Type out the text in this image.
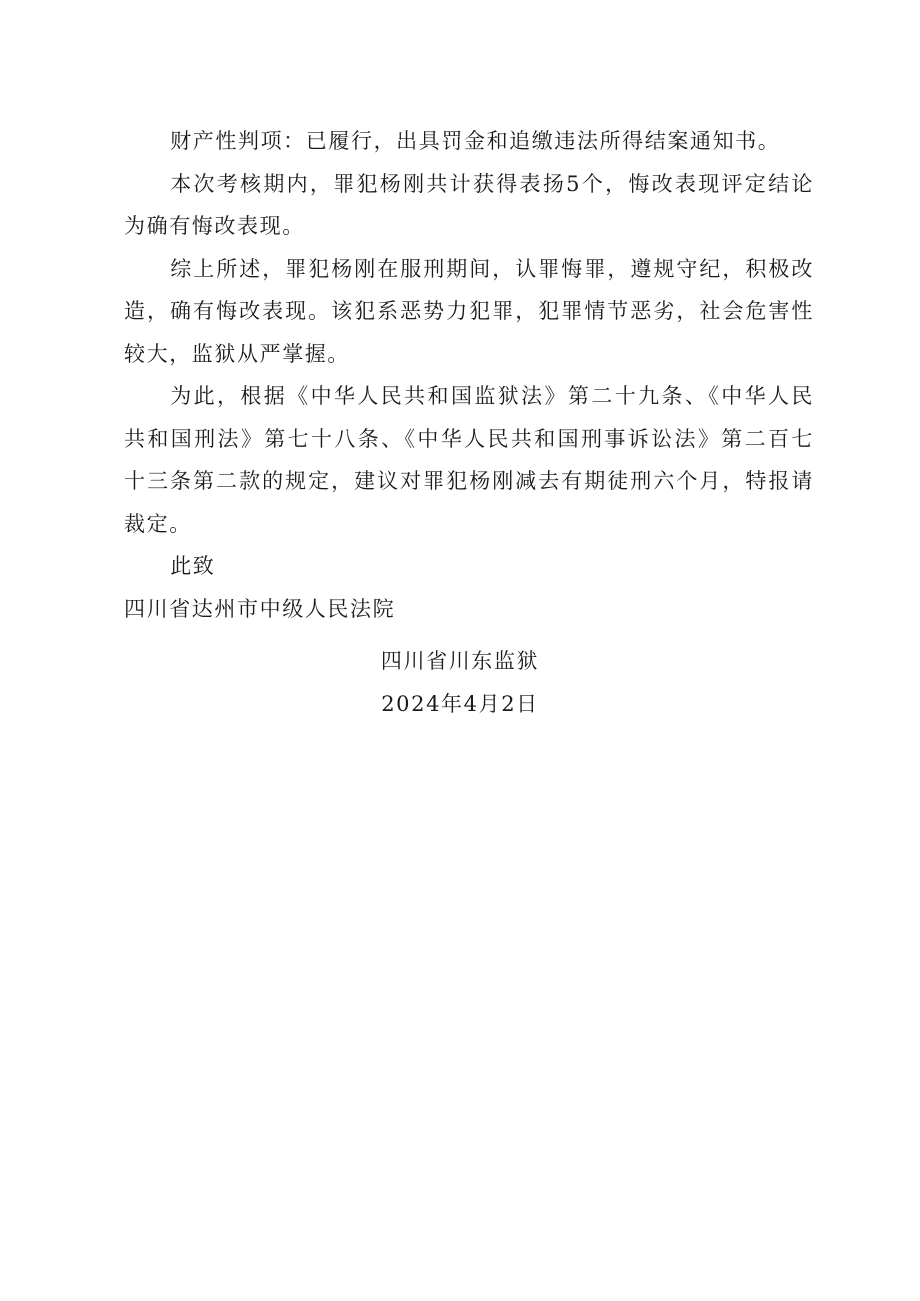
财产性判项：已履行，出具罚金和追缴违法所得结案通知书。

本次考核期内，罪犯杨刚共计获得表扬5个，悔改表现评定结论为确有悔改表现。

综上所述，罪犯杨刚在服刑期间，认罪悔罪，遵规守纪，积极改造，确有悔改表现。该犯系恶势力犯罪，犯罪情节恶劣，社会危害性较大，监狱从严掌握。

为此，根据《中华人民共和国监狱法》第二十九条、《中华人民共和国刑法》第七十八条、《中华人民共和国刑事诉讼法》第二百七十三条第二款的规定，建议对罪犯杨刚减去有期徒刑六个月，特报请裁定。

此致

四川省达州市中级人民法院

四川省川东监狱
2024年4月2日
